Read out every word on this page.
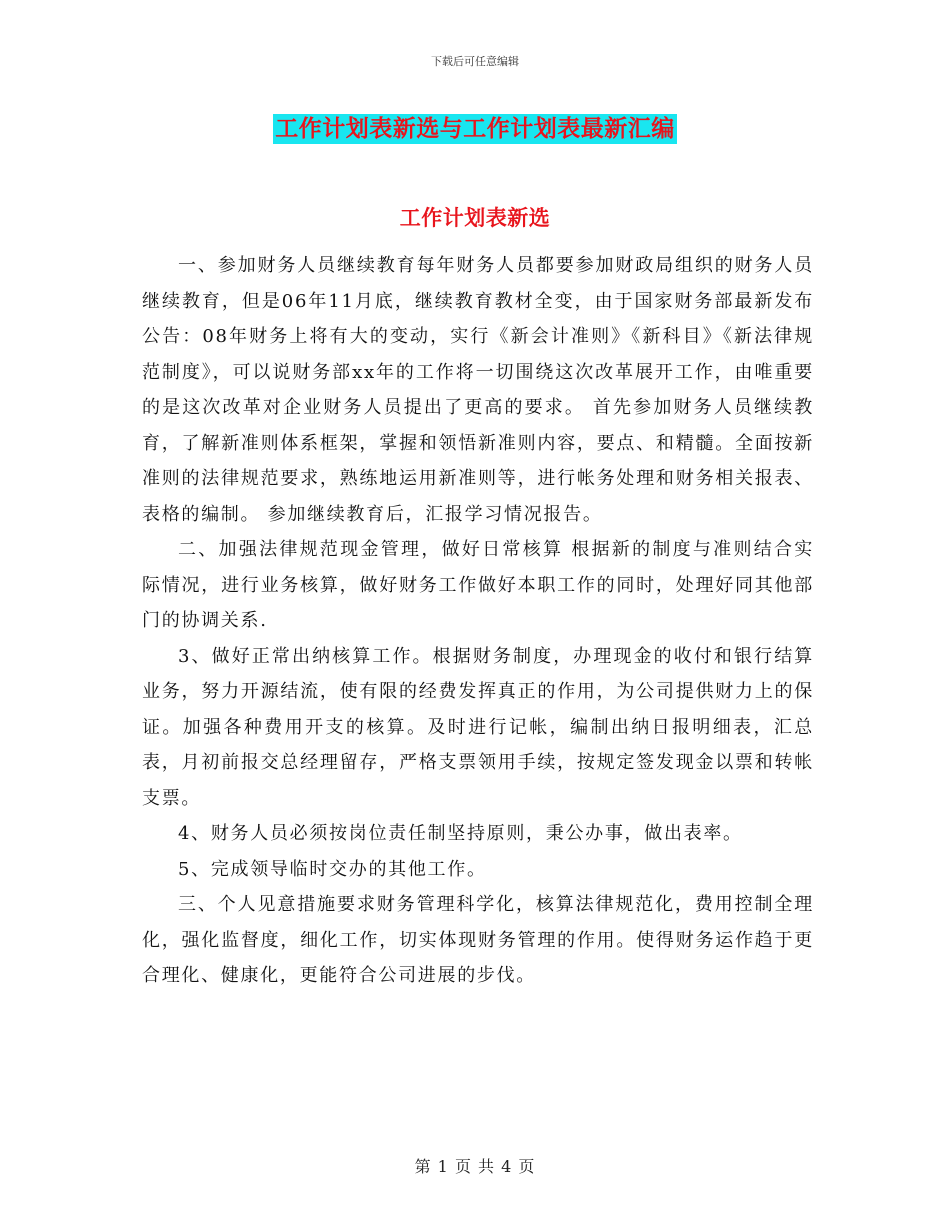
下载后可任意编辑
工作计划表新选与工作计划表最新汇编
工作计划表新选

一、参加财务人员继续教育每年财务人员都要参加财政局组织的财务人员继续教育，但是06年11月底，继续教育教材全变，由于国家财务部最新发布公告：08年财务上将有大的变动，实行《新会计准则》《新科目》《新法律规范制度》，可以说财务部xx年的工作将一切围绕这次改革展开工作，由唯重要的是这次改革对企业财务人员提出了更高的要求。 首先参加财务人员继续教育，了解新准则体系框架，掌握和领悟新准则内容，要点、和精髓。全面按新准则的法律规范要求，熟练地运用新准则等，进行帐务处理和财务相关报表、表格的编制。 参加继续教育后，汇报学习情况报告。

二、加强法律规范现金管理，做好日常核算 根据新的制度与准则结合实际情况，进行业务核算，做好财务工作做好本职工作的同时，处理好同其他部门的协调关系.

3、做好正常出纳核算工作。根据财务制度，办理现金的收付和银行结算业务，努力开源结流，使有限的经费发挥真正的作用，为公司提供财力上的保证。加强各种费用开支的核算。及时进行记帐，编制出纳日报明细表，汇总表，月初前报交总经理留存，严格支票领用手续，按规定签发现金以票和转帐支票。

4、财务人员必须按岗位责任制坚持原则，秉公办事，做出表率。

5、完成领导临时交办的其他工作。

三、个人见意措施要求财务管理科学化，核算法律规范化，费用控制全理化，强化监督度，细化工作，切实体现财务管理的作用。使得财务运作趋于更合理化、健康化，更能符合公司进展的步伐。

第 1 页 共 4 页
